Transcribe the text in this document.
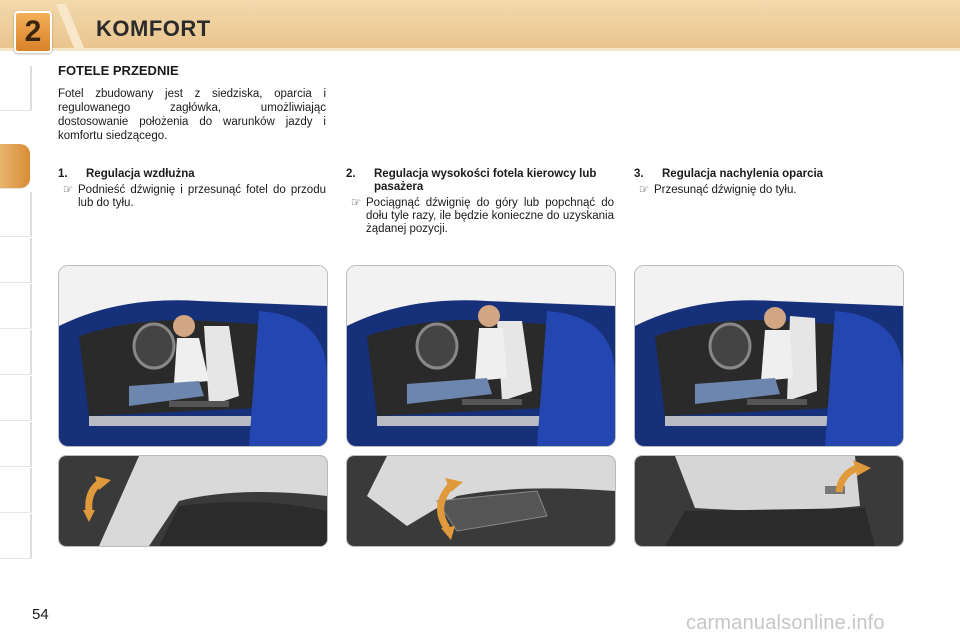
2	KOMFORT
FOTELE PRZEDNIE
Fotel zbudowany jest z siedziska, oparcia i regulowanego zagłówka, umożliwiając dostosowanie położenia do warunków jazdy i komfortu siedzącego.
1.	Regulacja wzdłużna

☞ Podnieść dźwignię i przesunąć fotel do przodu lub do tyłu.

2.	Regulacja wysokości fotela kierowcy lub pasażera

☞ Pociągnąć dźwignię do góry lub popchnąć do dołu tyle razy, ile będzie konieczne do uzyskania żądanej pozycji.

3.	Regulacja nachylenia oparcia

☞ Przesunąć dźwignię do tyłu.

54	carmanualsonline.info
